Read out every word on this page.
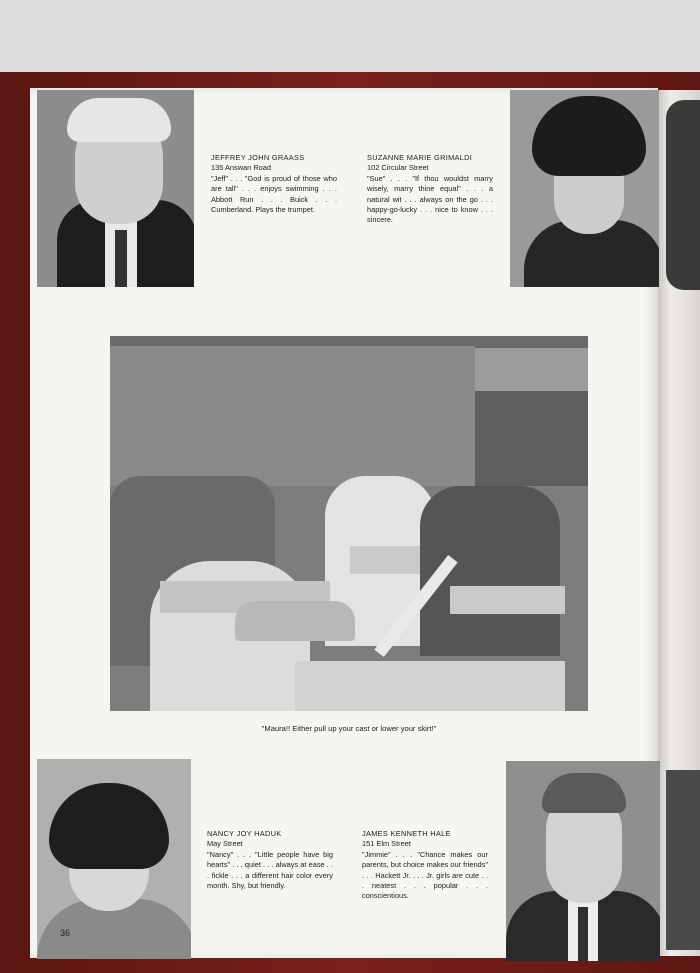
JEFFREY JOHN GRAASS
135 Answan Road
"Jeff" . . . "God is proud of those who are tall" . . . enjoys swimming . . . Abbott Run . . . Buick . . . Cumberland. Plays the trumpet.
SUZANNE MARIE GRIMALDI
102 Circular Street
"Sue" . . . "If thou wouldst marry wisely, marry thine equal" . . . a natural wit . . . always on the go . . . happy-go-lucky . . . nice to know . . . sincere.
"Maura!! Either pull up your cast or lower your skirt!"
NANCY JOY HADUK
May Street
"Nancy" . . . "Little people have big hearts" . . . quiet . . . always at ease . . . fickle . . . a different hair color every month. Shy, but friendly.
JAMES KENNETH HALE
151 Elm Street
"Jimmie" . . . "Chance makes our parents, but choice makes our friends" . . . Hackett Jr. . . . Jr. girls are cute . . . neatest . . . popular . . . conscientious.
36
